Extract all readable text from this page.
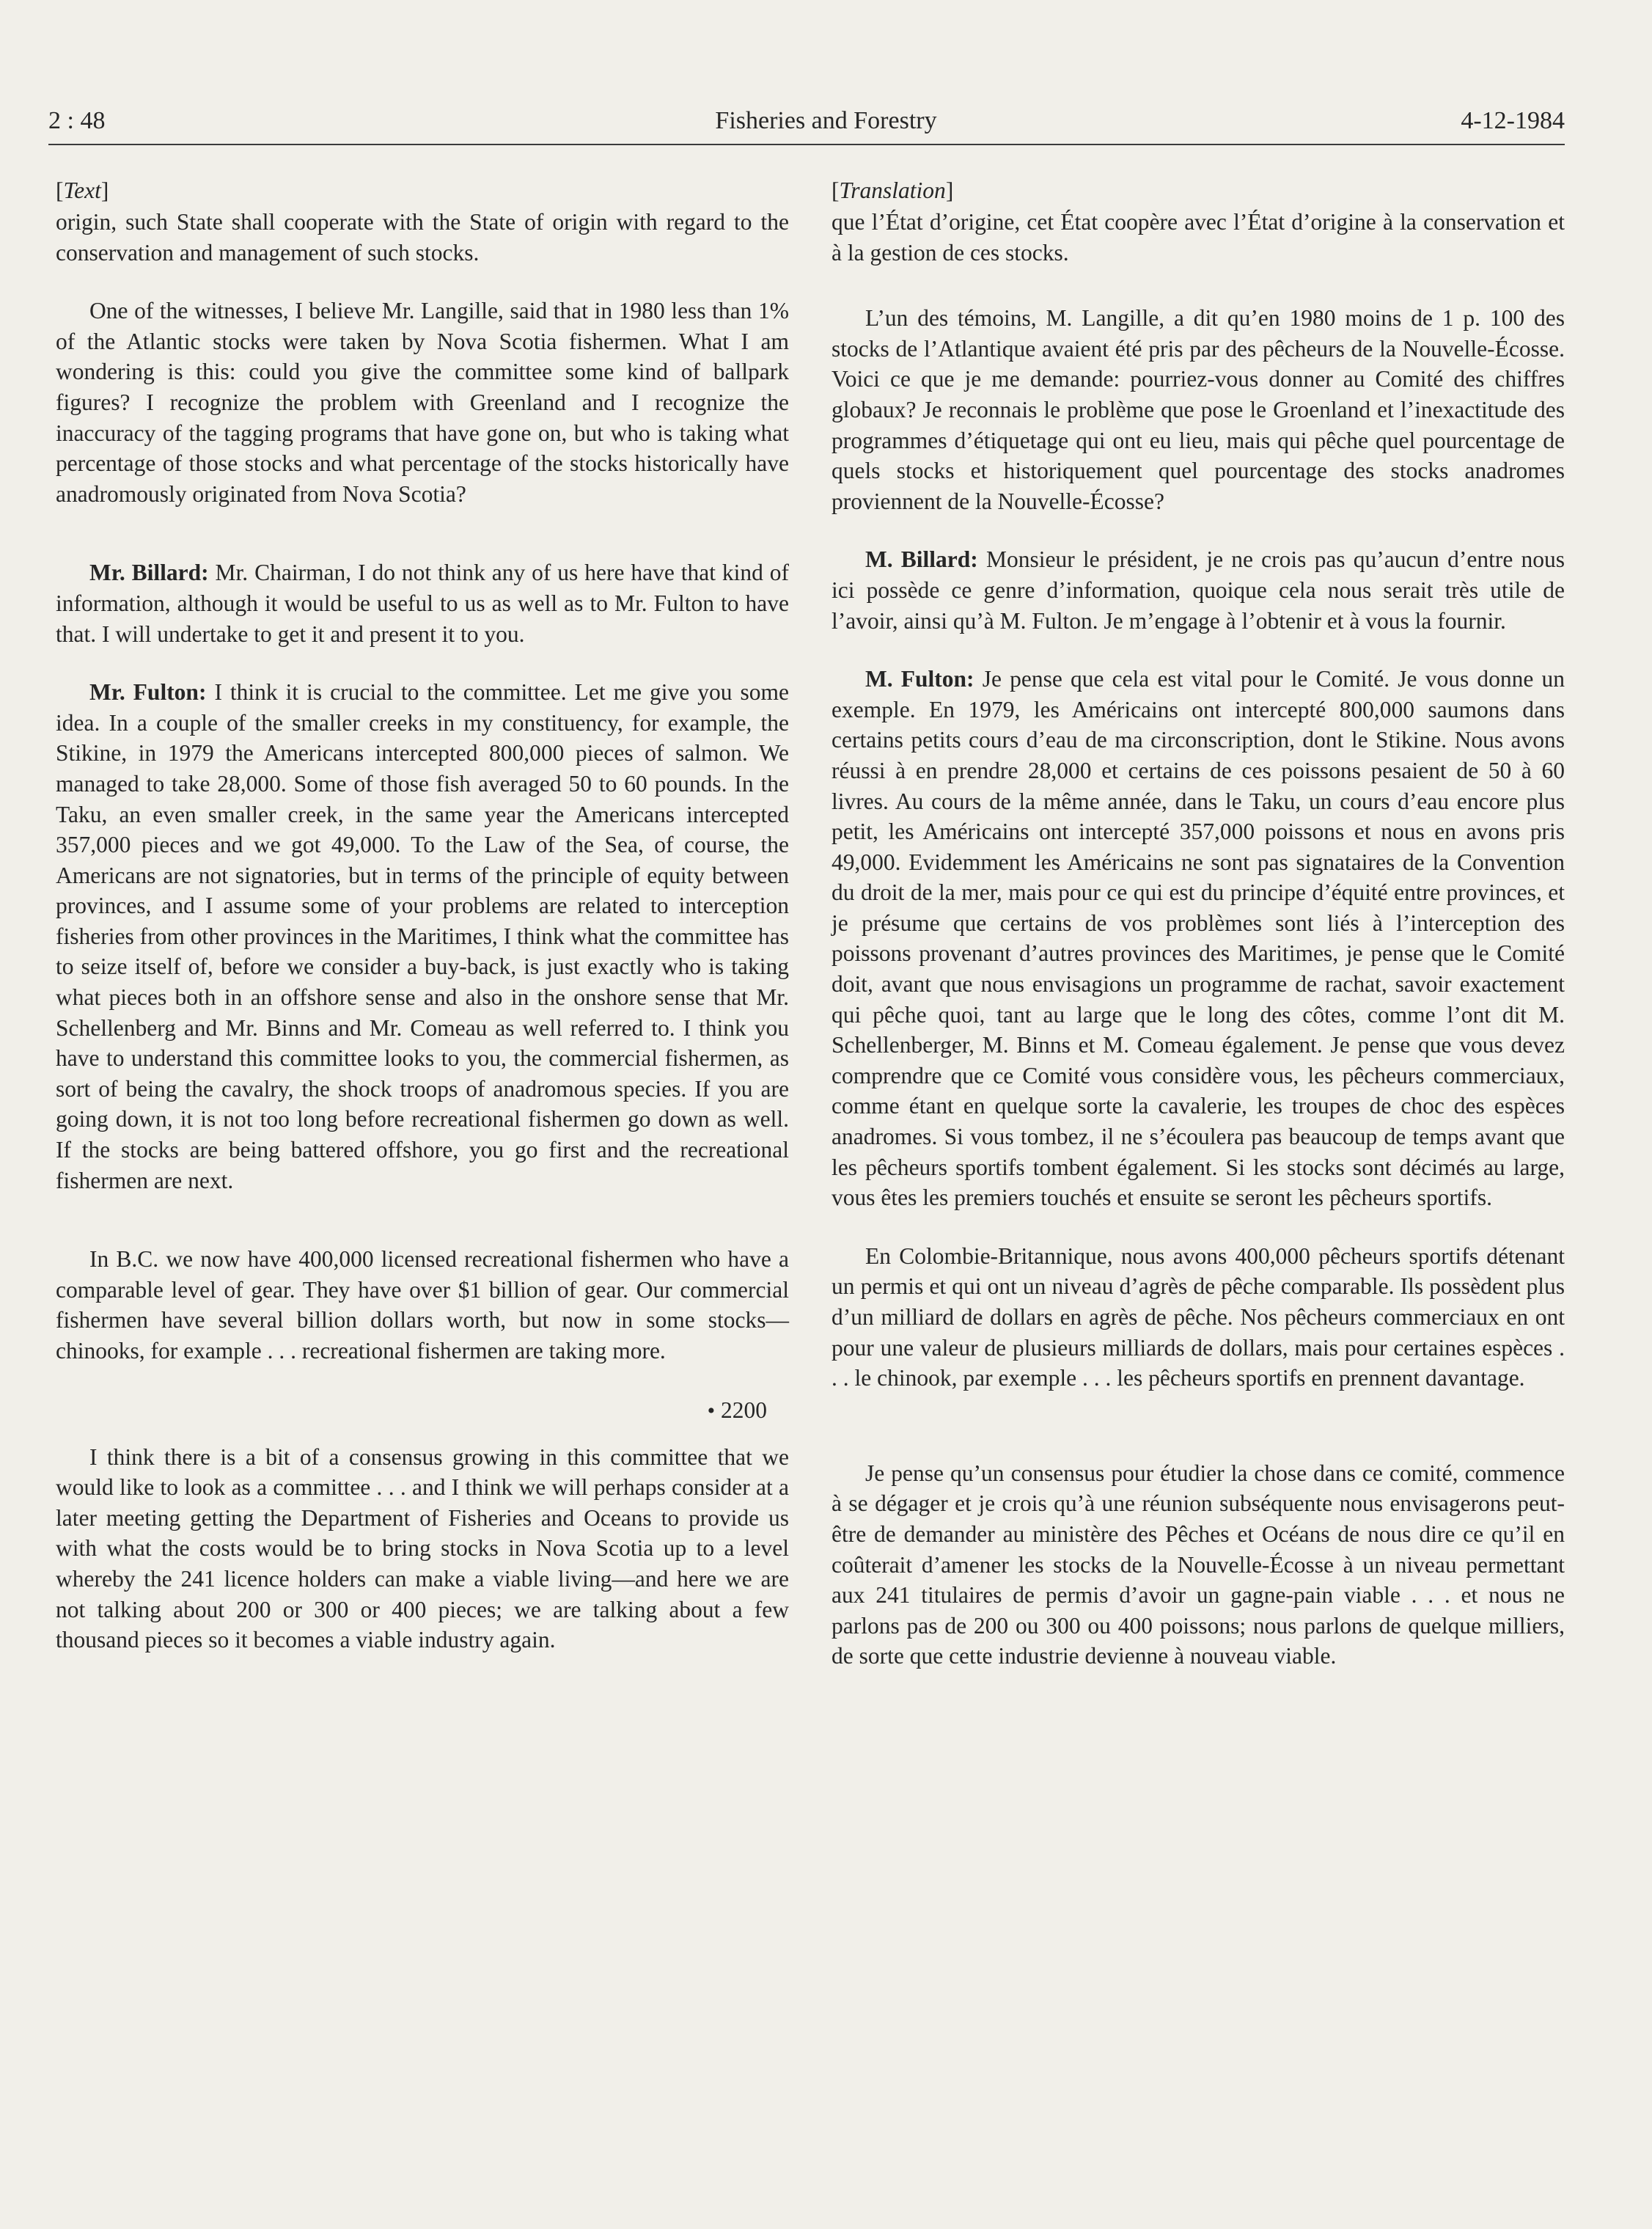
2 : 48	Fisheries and Forestry	4-12-1984
[Text]

origin, such State shall cooperate with the State of origin with regard to the conservation and management of such stocks.

One of the witnesses, I believe Mr. Langille, said that in 1980 less than 1% of the Atlantic stocks were taken by Nova Scotia fishermen. What I am wondering is this: could you give the committee some kind of ballpark figures? I recognize the problem with Greenland and I recognize the inaccuracy of the tagging programs that have gone on, but who is taking what percentage of those stocks and what percentage of the stocks historically have anadromously originated from Nova Scotia?

Mr. Billard: Mr. Chairman, I do not think any of us here have that kind of information, although it would be useful to us as well as to Mr. Fulton to have that. I will undertake to get it and present it to you.

Mr. Fulton: I think it is crucial to the committee. Let me give you some idea. In a couple of the smaller creeks in my constituency, for example, the Stikine, in 1979 the Americans intercepted 800,000 pieces of salmon. We managed to take 28,000. Some of those fish averaged 50 to 60 pounds. In the Taku, an even smaller creek, in the same year the Americans intercepted 357,000 pieces and we got 49,000. To the Law of the Sea, of course, the Americans are not signatories, but in terms of the principle of equity between provinces, and I assume some of your problems are related to interception fisheries from other provinces in the Maritimes, I think what the committee has to seize itself of, before we consider a buy-back, is just exactly who is taking what pieces both in an offshore sense and also in the onshore sense that Mr. Schellenberg and Mr. Binns and Mr. Comeau as well referred to. I think you have to understand this committee looks to you, the commercial fishermen, as sort of being the cavalry, the shock troops of anadromous species. If you are going down, it is not too long before recreational fishermen go down as well. If the stocks are being battered offshore, you go first and the recreational fishermen are next.

In B.C. we now have 400,000 licensed recreational fishermen who have a comparable level of gear. They have over $1 billion of gear. Our commercial fishermen have several billion dollars worth, but now in some stocks—chinooks, for example . . . recreational fishermen are taking more.

• 2200

I think there is a bit of a consensus growing in this committee that we would like to look as a committee . . . and I think we will perhaps consider at a later meeting getting the Department of Fisheries and Oceans to provide us with what the costs would be to bring stocks in Nova Scotia up to a level whereby the 241 licence holders can make a viable living—and here we are not talking about 200 or 300 or 400 pieces; we are talking about a few thousand pieces so it becomes a viable industry again.

[Translation]

que l’État d’origine, cet État coopère avec l’État d’origine à la conservation et à la gestion de ces stocks.

L’un des témoins, M. Langille, a dit qu’en 1980 moins de 1 p. 100 des stocks de l’Atlantique avaient été pris par des pêcheurs de la Nouvelle-Écosse. Voici ce que je me demande: pourriez-vous donner au Comité des chiffres globaux? Je reconnais le problème que pose le Groenland et l’inexactitude des programmes d’étiquetage qui ont eu lieu, mais qui pêche quel pourcentage de quels stocks et historiquement quel pourcentage des stocks anadromes proviennent de la Nouvelle-Écosse?

M. Billard: Monsieur le président, je ne crois pas qu’aucun d’entre nous ici possède ce genre d’information, quoique cela nous serait très utile de l’avoir, ainsi qu’à M. Fulton. Je m’engage à l’obtenir et à vous la fournir.

M. Fulton: Je pense que cela est vital pour le Comité. Je vous donne un exemple. En 1979, les Américains ont intercepté 800,000 saumons dans certains petits cours d’eau de ma circonscription, dont le Stikine. Nous avons réussi à en prendre 28,000 et certains de ces poissons pesaient de 50 à 60 livres. Au cours de la même année, dans le Taku, un cours d’eau encore plus petit, les Américains ont intercepté 357,000 poissons et nous en avons pris 49,000. Evidemment les Américains ne sont pas signataires de la Convention du droit de la mer, mais pour ce qui est du principe d’équité entre provinces, et je présume que certains de vos problèmes sont liés à l’interception des poissons provenant d’autres provinces des Maritimes, je pense que le Comité doit, avant que nous envisagions un programme de rachat, savoir exactement qui pêche quoi, tant au large que le long des côtes, comme l’ont dit M. Schellenberger, M. Binns et M. Comeau également. Je pense que vous devez comprendre que ce Comité vous considère vous, les pêcheurs commerciaux, comme étant en quelque sorte la cavalerie, les troupes de choc des espèces anadromes. Si vous tombez, il ne s’écoulera pas beaucoup de temps avant que les pêcheurs sportifs tombent également. Si les stocks sont décimés au large, vous êtes les premiers touchés et ensuite se seront les pêcheurs sportifs.

En Colombie-Britannique, nous avons 400,000 pêcheurs sportifs détenant un permis et qui ont un niveau d’agrès de pêche comparable. Ils possèdent plus d’un milliard de dollars en agrès de pêche. Nos pêcheurs commerciaux en ont pour une valeur de plusieurs milliards de dollars, mais pour certaines espèces . . . le chinook, par exemple . . . les pêcheurs sportifs en prennent davantage.

Je pense qu’un consensus pour étudier la chose dans ce comité, commence à se dégager et je crois qu’à une réunion subséquente nous envisagerons peut-être de demander au ministère des Pêches et Océans de nous dire ce qu’il en coûterait d’amener les stocks de la Nouvelle-Écosse à un niveau permettant aux 241 titulaires de permis d’avoir un gagne-pain viable . . . et nous ne parlons pas de 200 ou 300 ou 400 poissons; nous parlons de quelque milliers, de sorte que cette industrie devienne à nouveau viable.
